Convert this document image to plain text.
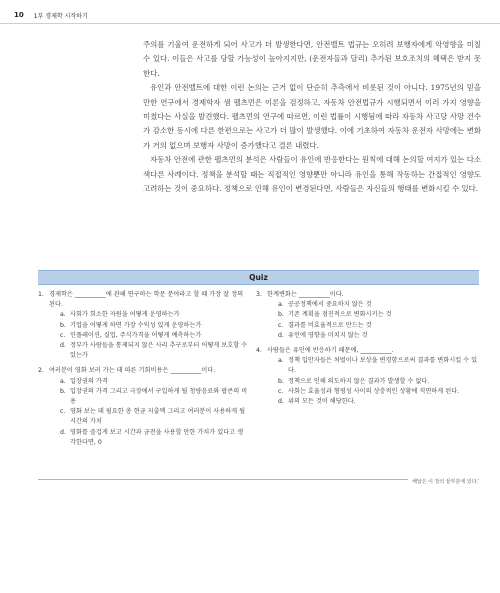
10 1부 경제학 시작하기

주의를 기울여 운전하게 되어 사고가 더 발생한다면, 안전벨트 법규는 오히려 보행자에게 악영향을 미칠 수 있다. 이들은 사고를 당할 가능성이 높아지지만, (운전자들과 달리) 추가된 보호조치의 혜택은 받지 못한다.

유인과 안전벨트에 대한 이런 논의는 근거 없이 단순히 추측에서 비롯된 것이 아니다. 1975년의 믿을 만한 연구에서 경제학자 샘 펠츠먼은 이론을 검정하고, 자동차 안전법규가 시행되면서 이러 가지 영향을 미쳤다는 사실을 발견했다. 펠츠먼의 연구에 따르면, 이런 법률이 시행됨에 따라 자동차 사고당 사망 건수가 감소한 동시에 다른 한편으로는 사고가 더 많이 발생했다. 이에 기초하여 자동차 운전자 사망에는 변화가 거의 없으며 보행자 사망이 증가했다고 결론 내렸다.

자동차 안전에 관한 펠츠먼의 분석은 사람들이 유인에 반응한다는 원칙에 대해 논의할 여지가 있는 다소 색다른 사례이다. 정책을 분석할 때는 직접적인 영향뿐만 아니라 유인을 통해 작동하는 간접적인 영향도 고려하는 것이 중요하다. 정책으로 인해 유인이 변경된다면, 사람들은 자신들의 행태를 변화시킬 수 있다.

Quiz
1. 경제학은 __________에 관해 연구하는 학문 분야라고 할 때 가장 잘 정의된다.
a. 사회가 희소한 자원을 어떻게 운영하는가
b. 기업을 어떻게 하면 가장 수익성 있게 운영하는가
c. 인플레이션, 실업, 주식가격을 어떻게 예측하는가
d. 정부가 사람들을 통제되지 않은 사리 추구로부터 어떻게 보호할 수 있는가
2. 여러분이 영화 보러 가는 데 따른 기회비용은 __________이다.
a. 입장권의 가격
b. 입장권의 가격 그리고 극장에서 구입하게 될 청량음료와 팝콘의 비용
c. 영화 보는 데 필요한 총 현금 지출액 그리고 여러분이 사용하게 될 시간의 가치
d. 영화를 즐겁게 보고 시간과 금전을 사용할 만한 가치가 있다고 생각한다면, 0
3. 한계변화는 __________이다.
a. 공공정책에서 중요하지 않은 것
b. 기존 계획을 점진적으로 변화시키는 것
c. 결과를 비효율적으로 만드는 것
d. 유인에 영향을 미치지 않는 것
4. 사람들은 유인에 반응하기 때문에, __________.
a. 정책 입안자들은 처벌이나 보상을 변경함으로써 결과를 변화시킬 수 있다.
b. 정책으로 인해 의도하지 않은 결과가 발생할 수 없다.
c. 사회는 효율성과 형평성 사이의 상충적인 상황에 직면하게 된다.
d. 위의 모든 것이 해당한다.
해답은 이 장의 끝부분에 있다.
